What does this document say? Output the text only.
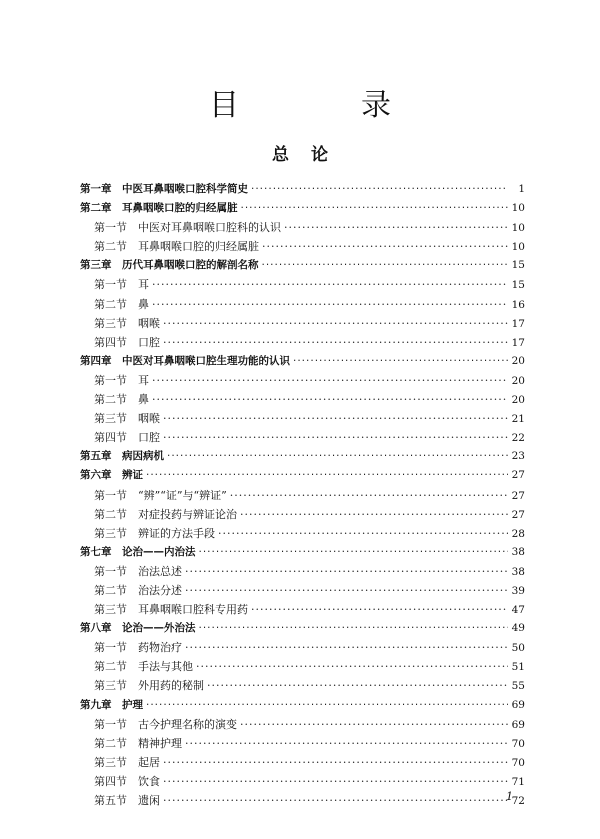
目　录
总论
第一章　中医耳鼻咽喉口腔科学简史 ·····	1
第二章　耳鼻咽喉口腔的归经属脏 ·····	10
第一节　中医对耳鼻咽喉口腔科的认识 ·····	10
第二节　耳鼻咽喉口腔的归经属脏 ·····	10
第三章　历代耳鼻咽喉口腔的解剖名称 ·····	15
第一节　耳 ·····	15
第二节　鼻 ·····	16
第三节　咽喉 ·····	17
第四节　口腔 ·····	17
第四章　中医对耳鼻咽喉口腔生理功能的认识 ·····	20
第一节　耳 ·····	20
第二节　鼻 ·····	20
第三节　咽喉 ·····	21
第四节　口腔 ·····	22
第五章　病因病机 ·····	23
第六章　辨证 ·····	27
第一节　“辨”“证”与“辨证” ·····	27
第二节　对症投药与辨证论治 ·····	27
第三节　辨证的方法手段 ·····	28
第七章　论治——内治法 ·····	38
第一节　治法总述 ·····	38
第二节　治法分述 ·····	39
第三节　耳鼻咽喉口腔科专用药 ·····	47
第八章　论治——外治法 ·····	49
第一节　药物治疗 ·····	50
第二节　手法与其他 ·····	51
第三节　外用药的秘制 ·····	55
第九章　护理 ·····	69
第一节　古今护理名称的演变 ·····	69
第二节　精神护理 ·····	70
第三节　起居 ·····	70
第四节　饮食 ·····	71
第五节　遗闲 ·····	72
1
